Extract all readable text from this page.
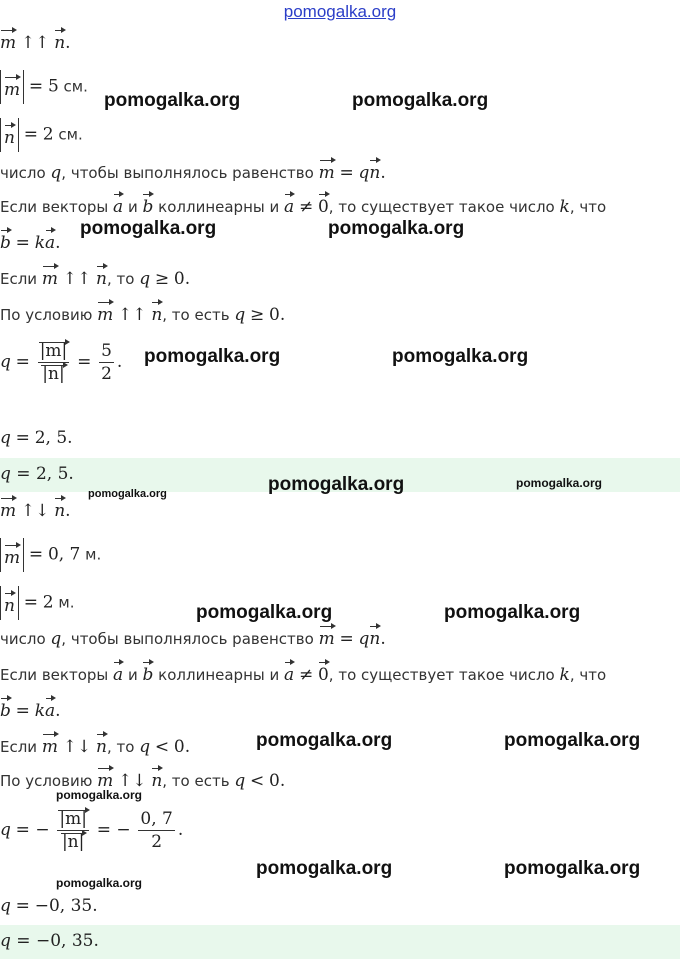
pomogalka.org
m ↑↑ n.
m = 5 см.
n = 2 см.
число q, чтобы выполнялось равенство m = qn.
Если векторы a и b коллинеарны и a ≠ 0, то существует такое число k, что
b = ka.
Если m ↑↑ n, то q ≥ 0.
По условию m ↑↑ n, то есть q ≥ 0.
$q = \frac{|m|}{|n|} = \frac{5}{2}$ .
q = 2, 5.
q = 2, 5.
m ↑↓ n.
m = 0, 7 м.
n = 2 м.
число q, чтобы выполнялось равенство m = qn.
Если векторы a и b коллинеарны и a ≠ 0, то существует такое число k, что
b = ka.
Если m ↑↓ n, то q < 0.
По условию m ↑↓ n, то есть q < 0.
q = − $\frac{|m|}{|n|}$ = − $\frac{0, 7}{2}$ .
q = −0, 35.
q = −0, 35.
pomogalka.org	pomogalka.org
pomogalka.org	pomogalka.org
pomogalka.org	pomogalka.org
pomogalka.org	pomogalka.org	pomogalka.org
pomogalka.org	pomogalka.org
pomogalka.org	pomogalka.org
pomogalka.org
pomogalka.org
pomogalka.org	pomogalka.org
